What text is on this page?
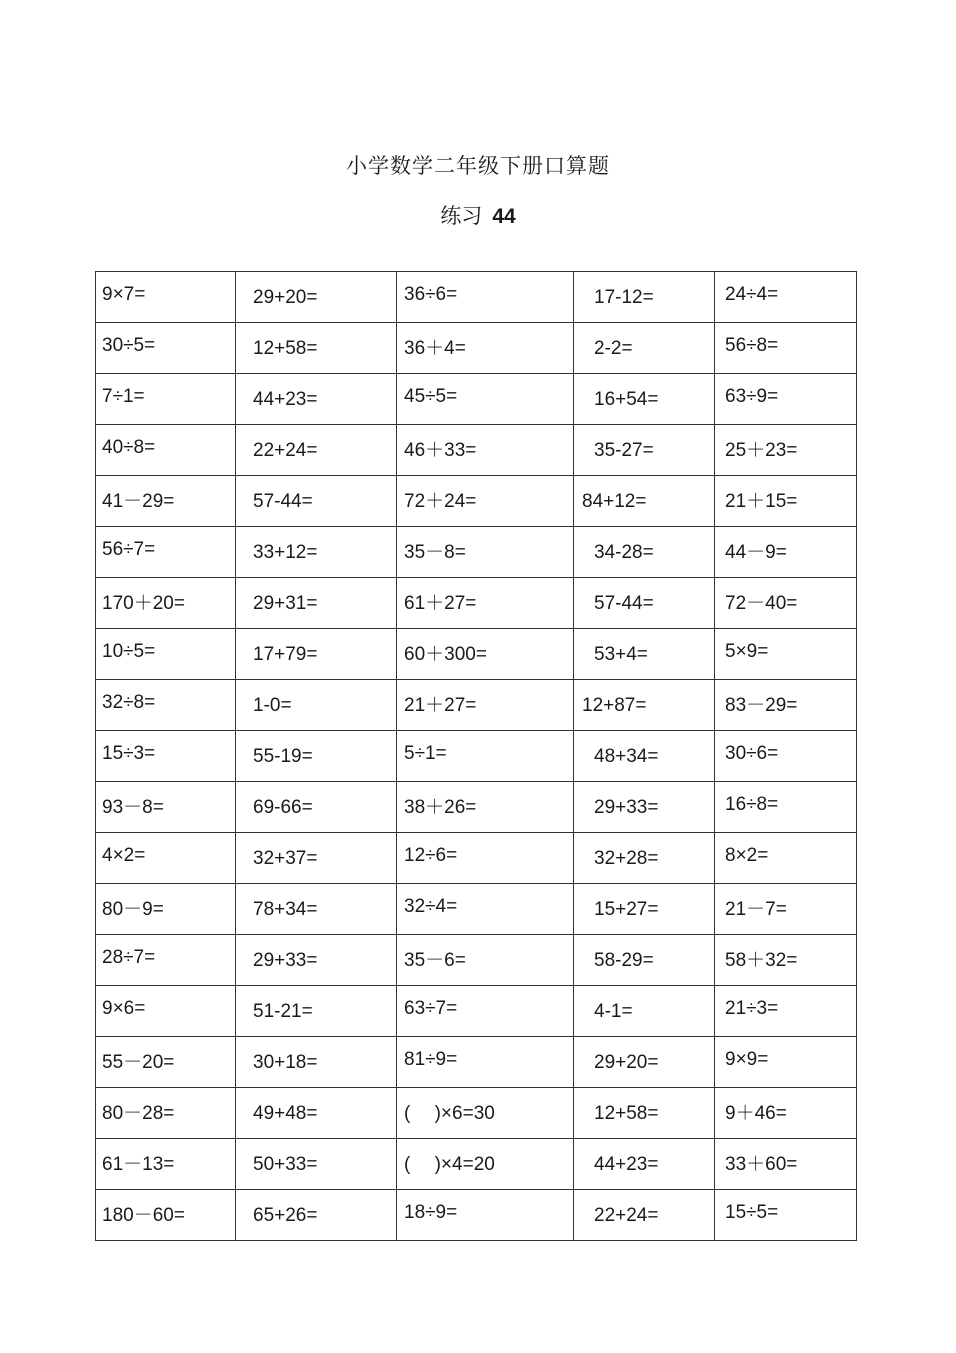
小学数学二年级下册口算题
练习 44
9×7=	29+20=	36÷6=	17-12=	24÷4=

30÷5=	12+58=	36＋4=	2-2=	56÷8=

7÷1=	44+23=	45÷5=	16+54=	63÷9=

40÷8=	22+24=	46＋33=	35-27=	25＋23=

41－29=	57-44=	72＋24=	84+12=	21＋15=

56÷7=	33+12=	35－8=	34-28=	44－9=

170＋20=	29+31=	61＋27=	57-44=	72－40=

10÷5=	17+79=	60＋300=	53+4=	5×9=

32÷8=	1-0=	21＋27=	12+87=	83－29=

15÷3=	55-19=	5÷1=	48+34=	30÷6=

93－8=	69-66=	38＋26=	29+33=	16÷8=

4×2=	32+37=	12÷6=	32+28=	8×2=

80－9=	78+34=	32÷4=	15+27=	21－7=

28÷7=	29+33=	35－6=	58-29=	58＋32=

9×6=	51-21=	63÷7=	4-1=	21÷3=

55－20=	30+18=	81÷9=	29+20=	9×9=

80－28=	49+48=	(　 )×6=30	12+58=	9＋46=

61－13=	50+33=	(　 )×4=20	44+23=	33＋60=

180－60=	65+26=	18÷9=	22+24=	15÷5=
